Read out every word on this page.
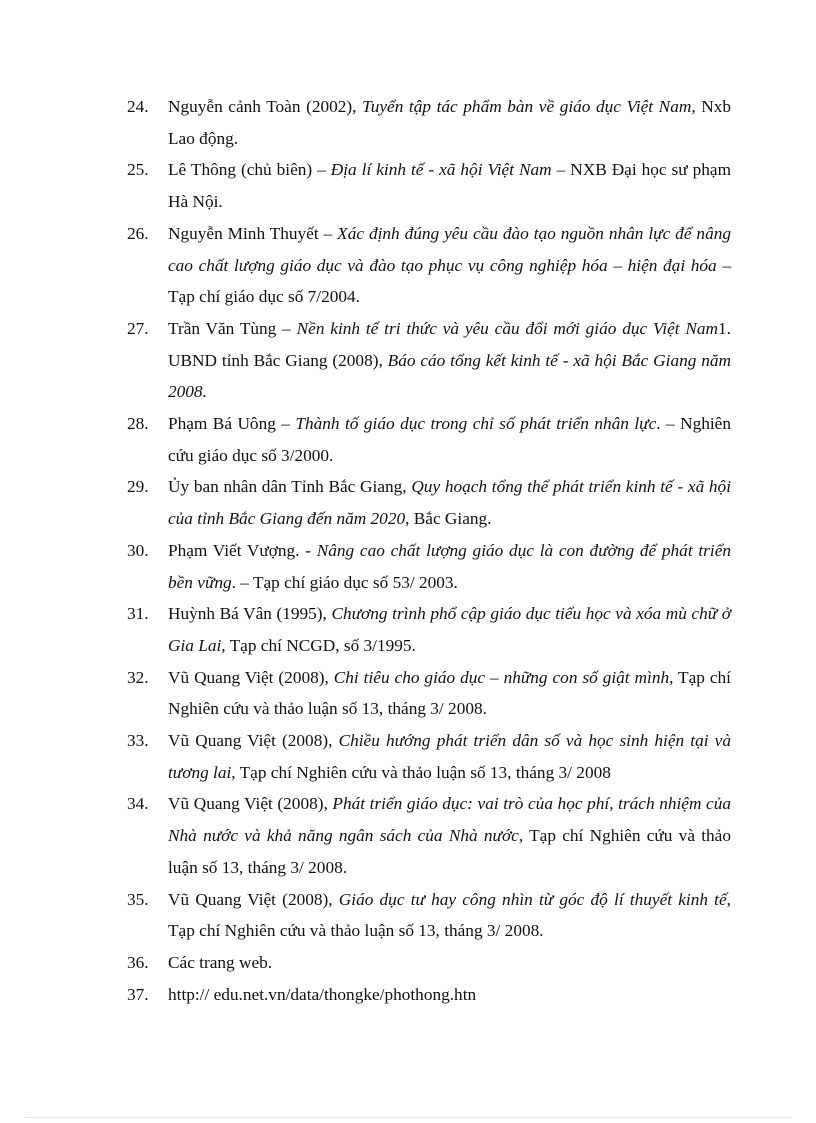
24.	Nguyễn cảnh Toàn (2002), Tuyển tập tác phẩm bàn về giáo dục Việt Nam, Nxb Lao động.
25.	Lê Thông (chủ biên) – Địa lí kinh tế - xã hội Việt Nam – NXB Đại học sư phạm Hà Nội.
26.	Nguyễn Minh Thuyết – Xác định đúng yêu cầu đào tạo nguồn nhân lực để nâng cao chất lượng giáo dục và đào tạo phục vụ công nghiệp hóa – hiện đại hóa – Tạp chí giáo dục số 7/2004.
27.	Trần Văn Tùng – Nền kinh tế tri thức và yêu cầu đổi mới giáo dục Việt Nam1. UBND tỉnh Bắc Giang (2008), Báo cáo tổng kết kinh tế - xã hội Bắc Giang năm 2008.
28.	Phạm Bá Uông – Thành tố giáo dục trong chỉ số phát triển nhân lực. – Nghiên cứu giáo dục số 3/2000.
29.	Ủy ban nhân dân Tỉnh Bắc Giang, Quy hoạch tổng thể phát triển kinh tế - xã hội của tỉnh Bắc Giang đến năm 2020, Bắc Giang.
30.	Phạm Viết Vượng. - Nâng cao chất lượng giáo dục là con đường để phát triển bền vững. – Tạp chí giáo dục số 53/ 2003.
31.	Huỳnh Bá Vân (1995), Chương trình phổ cập giáo dục tiểu học và xóa mù chữ ở Gia Lai, Tạp chí NCGD, số 3/1995.
32.	Vũ Quang Việt (2008), Chi tiêu cho giáo dục – những con số giật mình, Tạp chí Nghiên cứu và thảo luận số 13, tháng 3/ 2008.
33.	Vũ Quang Việt (2008), Chiều hướng phát triển dân số và học sinh hiện tại và tương lai, Tạp chí Nghiên cứu và thảo luận số 13, tháng 3/ 2008
34.	Vũ Quang Việt (2008), Phát triển giáo dục: vai trò của học phí, trách nhiệm của Nhà nước và khả năng ngân sách của Nhà nước, Tạp chí Nghiên cứu và thảo luận số 13, tháng 3/ 2008.
35.	Vũ Quang Việt (2008), Giáo dục tư hay công nhìn từ góc độ lí thuyết kinh tế, Tạp chí Nghiên cứu và thảo luận số 13, tháng 3/ 2008.
36.	Các trang web.
37.	http:// edu.net.vn/data/thongke/phothong.htn
